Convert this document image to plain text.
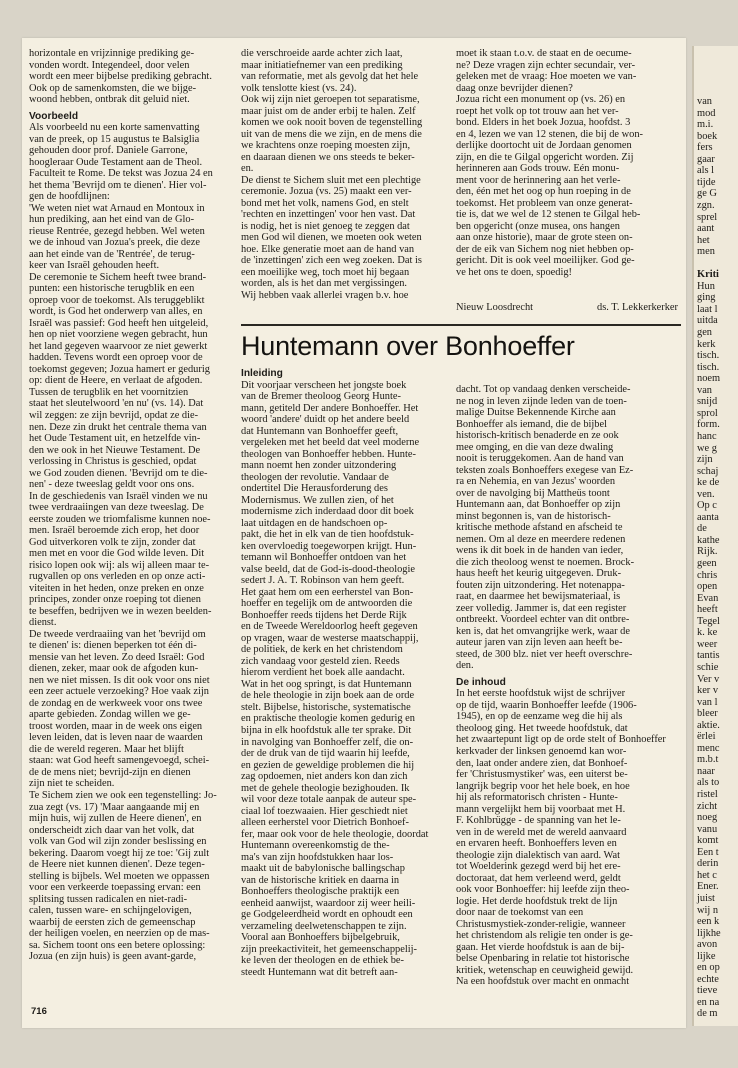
horizontale en vrijzinnige prediking ge-
vonden wordt. Integendeel, door velen
wordt een meer bijbelse prediking gebracht.
Ook op de samenkomsten, die we bijge-
woond hebben, ontbrak dit geluid niet.

Voorbeeld

Als voorbeeld nu een korte samenvatting
van de preek, op 15 augustus te Balsiglia
gehouden door prof. Daniele Garrone,
hoogleraar Oude Testament aan de Theol.
Faculteit te Rome. De tekst was Jozua 24 en
het thema 'Bevrijd om te dienen'. Hier vol-
gen de hoofdlijnen:
'We weten niet wat Arnaud en Montoux in
hun prediking, aan het eind van de Glo-
rieuse Rentrée, gezegd hebben. Wel weten
we de inhoud van Jozua's preek, die deze
aan het einde van de 'Rentrée', de terug-
keer van Israël gehouden heeft.
De ceremonie te Sichem heeft twee brand-
punten: een historische terugblik en een
oproep voor de toekomst. Als teruggeblikt
wordt, is God het onderwerp van alles, en
Israël was passief: God heeft hen uitgeleid,
hen op niet voorziene wegen gebracht, hun
het land gegeven waarvoor ze niet gewerkt
hadden. Tevens wordt een oproep voor de
toekomst gegeven; Jozua hamert er gedurig
op: dient de Heere, en verlaat de afgoden.
Tussen de terugblik en het voornitzien
staat het sleutelwoord 'en nu' (vs. 14). Dat
wil zeggen: ze zijn bevrijd, opdat ze die-
nen. Deze zin drukt het centrale thema van
het Oude Testament uit, en hetzelfde vin-
den we ook in het Nieuwe Testament. De
verlossing in Christus is geschied, opdat
we God zouden dienen. 'Bevrijd om te die-
nen' - deze tweeslag geldt voor ons ons.
In de geschiedenis van Israël vinden we nu
twee verdraaiingen van deze tweeslag. De
eerste zouden we triomfalisme kunnen noe-
men. Israël beroemde zich erop, het door
God uitverkoren volk te zijn, zonder dat
men met en voor die God wilde leven. Dit
risico lopen ook wij: als wij alleen maar te-
rugvallen op ons verleden en op onze acti-
viteiten in het heden, onze preken en onze
principes, zonder onze roeping tot dienen
te beseffen, bedrijven we in wezen beelden-
dienst.
De tweede verdraaiing van het 'bevrijd om
te dienen' is: dienen beperken tot één di-
mensie van het leven. Zo deed Israël: God
dienen, zeker, maar ook de afgoden kun-
nen we niet missen. Is dit ook voor ons niet
een zeer actuele verzoeking? Hoe vaak zijn
de zondag en de werkweek voor ons twee
aparte gebieden. Zondag willen we ge-
troost worden, maar in de week ons eigen
leven leiden, dat is leven naar de waarden
die de wereld regeren. Maar het blijft
staan: wat God heeft samengevoegd, schei-
de de mens niet; bevrijd-zijn en dienen
zijn niet te scheiden.
Te Sichem zien we ook een tegenstelling: Jo-
zua zegt (vs. 17) 'Maar aangaande mij en
mijn huis, wij zullen de Heere dienen', en
onderscheidt zich daar van het volk, dat
volk van God wil zijn zonder beslissing en
bekering. Daarom voegt hij ze toe: 'Gij zult
de Heere niet kunnen dienen'. Deze tegen-
stelling is bijbels. Wel moeten we oppassen
voor een verkeerde toepassing ervan: een
splitsing tussen radicalen en niet-radi-
calen, tussen ware- en schijngelovigen,
waarbij de eersten zich de gemeenschap
der heiligen voelen, en neerzien op de mas-
sa. Sichem toont ons een betere oplossing:
Jozua (en zijn huis) is geen avant-garde,

die verschroeide aarde achter zich laat,
maar initiatiefnemer van een prediking
van reformatie, met als gevolg dat het hele
volk tenslotte kiest (vs. 24).
Ook wij zijn niet geroepen tot separatisme,
maar juist om de ander erbij te halen. Zelf
komen we ook nooit boven de tegenstelling
uit van de mens die we zijn, en de mens die
we krachtens onze roeping moesten zijn,
en daaraan dienen we ons steeds te beker-
en.
De dienst te Sichem sluit met een plechtige
ceremonie. Jozua (vs. 25) maakt een ver-
bond met het volk, namens God, en stelt
'rechten en inzettingen' voor hen vast. Dat
is nodig, het is niet genoeg te zeggen dat
men God wil dienen, we moeten ook weten
hoe. Elke generatie moet aan de hand van
de 'inzettingen' zich een weg zoeken. Dat is
een moeilijke weg, toch moet hij begaan
worden, als is het dan met vergissingen.
Wij hebben vaak allerlei vragen b.v. hoe

moet ik staan t.o.v. de staat en de oecume-
ne? Deze vragen zijn echter secundair, ver-
geleken met de vraag: Hoe moeten we van-
daag onze bevrijder dienen?
Jozua richt een monument op (vs. 26) en
roept het volk op tot trouw aan het ver-
bond. Elders in het boek Jozua, hoofdst. 3
en 4, lezen we van 12 stenen, die bij de won-
derlijke doortocht uit de Jordaan genomen
zijn, en die te Gilgal opgericht worden. Zij
herinneren aan Gods trouw. Eén monu-
ment voor de herinnering aan het verle-
den, één met het oog op hun roeping in de
toekomst. Het probleem van onze generat-
tie is, dat we wel de 12 stenen te Gilgal heb-
ben opgericht (onze musea, ons hangen
aan onze historie), maar de grote steen on-
der de eik van Sichem nog niet hebben op-
gericht. Dit is ook veel moeilijker. God ge-
ve het ons te doen, spoedig!

Nieuw Loosdrecht	ds. T. Lekkerkerker
Huntemann over Bonhoeffer

Inleiding

Dit voorjaar verscheen het jongste boek
van de Bremer theoloog Georg Hunte-
mann, getiteld Der andere Bonhoeffer. Het
woord 'andere' duidt op het andere beeld
dat Huntemann van Bonhoeffer geeft,
vergeleken met het beeld dat veel moderne
theologen van Bonhoeffer hebben. Hunte-
mann noemt hen zonder uitzondering
theologen der revolutie. Vandaar de
ondertitel Die Herausforderung des
Modernismus. We zullen zien, of het
modernisme zich inderdaad door dit boek
laat uitdagen en de handschoen op-
pakt, die het in elk van de tien hoofdstuk-
ken overvloedig toegeworpen krijgt. Hun-
temann wil Bonhoeffer ontdoen van het
valse beeld, dat de God-is-dood-theologie
sedert J. A. T. Robinson van hem geeft.
Het gaat hem om een eerherstel van Bon-
hoeffer en tegelijk om de antwoorden die
Bonhoeffer reeds tijdens het Derde Rijk
en de Tweede Wereldoorlog heeft gegeven
op vragen, waar de westerse maatschappij,
de politiek, de kerk en het christendom
zich vandaag voor gesteld zien. Reeds
hierom verdient het boek alle aandacht.
Wat in het oog springt, is dat Huntemann
de hele theologie in zijn boek aan de orde
stelt. Bijbelse, historische, systematische
en praktische theologie komen gedurig en
bijna in elk hoofdstuk alle ter sprake. Dit
in navolging van Bonhoeffer zelf, die on-
der de druk van de tijd waarin hij leefde,
en gezien de geweldige problemen die hij
zag opdoemen, niet anders kon dan zich
met de gehele theologie bezighouden. Ik
wil voor deze totale aanpak de auteur spe-
ciaal lof toezwaaien. Hier geschiedt niet
alleen eerherstel voor Dietrich Bonhoef-
fer, maar ook voor de hele theologie, doordat
Huntemann overeenkomstig de the-
ma's van zijn hoofdstukken haar los-
maakt uit de babylonische ballingschap
van de historische kritiek en daarna in
Bonhoeffers theologische praktijk een
eenheid aanwijst, waardoor zij weer heili-
ge Godgeleerdheid wordt en ophoudt een
verzameling deelwetenschappen te zijn.
Vooral aan Bonhoeffers bijbelgebruik,
zijn preekactiviteit, het gemeenschappelij-
ke leven der theologen en de ethiek be-
steedt Huntemann wat dit betreft aan-

dacht. Tot op vandaag denken verscheide-
ne nog in leven zijnde leden van de toen-
malige Duitse Bekennende Kirche aan
Bonhoeffer als iemand, die de bijbel
historisch-kritisch benaderde en ze ook
mee omging, en die van deze dwaling
nooit is teruggekomen. Aan de hand van
teksten zoals Bonhoeffers exegese van Ez-
ra en Nehemia, en van Jezus' woorden
over de navolging bij Mattheüs toont
Huntemann aan, dat Bonhoeffer op zijn
minst begonnen is, van de historisch-
kritische methode afstand en afscheid te
nemen. Om al deze en meerdere redenen
wens ik dit boek in de handen van ieder,
die zich theoloog wenst te noemen. Brock-
haus heeft het keurig uitgegeven. Druk-
fouten zijn uitzondering. Het notenappa-
raat, en daarmee het bewijsmateriaal, is
zeer volledig. Jammer is, dat een register
ontbreekt. Voordeel echter van dit ontbre-
ken is, dat het omvangrijke werk, waar de
auteur jaren van zijn leven aan heeft be-
steed, de 300 blz. niet ver heeft overschre-
den.

De inhoud

In het eerste hoofdstuk wijst de schrijver
op de tijd, waarin Bonhoeffer leefde (1906-
1945), en op de eenzame weg die hij als
theoloog ging. Het tweede hoofdstuk, dat
het zwaartepunt ligt op de orde stelt of Bonhoeffer
kerkvader der linksen genoemd kan wor-
den, laat onder andere zien, dat Bonhoef-
fer 'Christusmystiker' was, een uiterst be-
langrijk begrip voor het hele boek, en hoe
hij als reformatorisch christen - Hunte-
mann vergelijkt hem bij voorbaat met H.
F. Kohlbrügge - de spanning van het le-
ven in de wereld met de wereld aanvaard
en ervaren heeft. Bonhoeffers leven en
theologie zijn dialektisch van aard. Wat
tot Woelderink gezegd werd bij het ere-
doctoraat, dat hem verleend werd, geldt
ook voor Bonhoeffer: hij leefde zijn theo-
logie. Het derde hoofdstuk trekt de lijn
door naar de toekomst van een
Christusmystiek-zonder-religie, wanneer
het christendom als religie ten onder is ge-
gaan. Het vierde hoofdstuk is aan de bij-
belse Openbaring in relatie tot historische
kritiek, wetenschap en ceuwigheid gewijd.
Na een hoofdstuk over macht en onmacht

716
van
mod
m.i.
boek
fers
gaar
als l
tijde
ge G
zgn.
sprel
aant
het
men
Kriti
Hun
ging
laat l
uitda
gen
kerk
tisch.
tisch.
noem
van
snijd
sprol
form.
hanc
we g
zijn
schaj
ke de
ven.
Op c
aanta
de
kathe
Rijk.
geen
chris
open
Evan
heeft
Tegel
k. ke
weer
tantis
schie
Ver v
ker v
van l
bleer
aktie.
ërlei
menc
m.b.t
naar
als to
ristel
zicht
noeg
vanu
komt
Een t
derin
het c
Ener.
juist
wij n
een k
lijkhe
avon
lijke
en op
echte
tieve
en na
de m
